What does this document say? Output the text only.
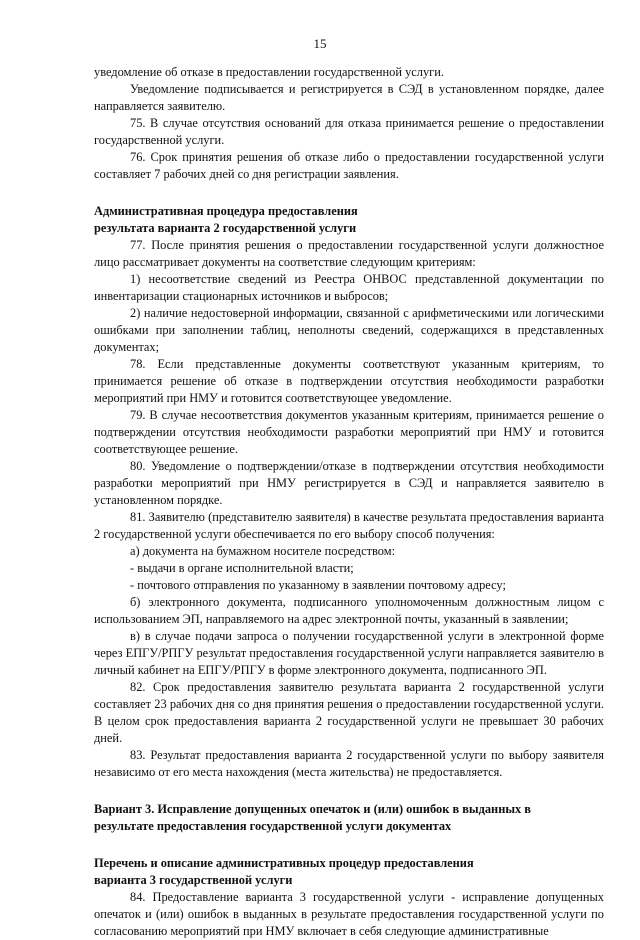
15

уведомление об отказе в предоставлении государственной услуги.

Уведомление подписывается и регистрируется в СЭД в установленном порядке, далее направляется заявителю.

75. В случае отсутствия оснований для отказа принимается решение о предоставлении государственной услуги.

76. Срок принятия решения об отказе либо о предоставлении государственной услуги составляет 7 рабочих дней со дня регистрации заявления.

Административная процедура предоставления

результата варианта 2 государственной услуги

77. После принятия решения о предоставлении государственной услуги должностное лицо рассматривает документы на соответствие следующим критериям:

1) несоответствие сведений из Реестра ОНВОС представленной документации по инвентаризации стационарных источников и выбросов;

2) наличие недостоверной информации, связанной с арифметическими или логическими ошибками при заполнении таблиц, неполноты сведений, содержащихся в представленных документах;

78. Если представленные документы соответствуют указанным критериям, то принимается решение об отказе в подтверждении отсутствия необходимости разработки мероприятий при НМУ и готовится соответствующее уведомление.

79. В случае несоответствия документов указанным критериям, принимается решение о подтверждении отсутствия необходимости разработки мероприятий при НМУ и готовится соответствующее решение.

80. Уведомление о подтверждении/отказе в подтверждении отсутствия необходимости разработки мероприятий при НМУ регистрируется в СЭД и направляется заявителю в установленном порядке.

81. Заявителю (представителю заявителя) в качестве результата предоставления варианта 2 государственной услуги обеспечивается по его выбору способ получения:

а) документа на бумажном носителе посредством:

- выдачи в органе исполнительной власти;

- почтового отправления по указанному в заявлении почтовому адресу;

б) электронного документа, подписанного уполномоченным должностным лицом с использованием ЭП, направляемого на адрес электронной почты, указанный в заявлении;

в) в случае подачи запроса о получении государственной услуги в электронной форме через ЕПГУ/РПГУ результат предоставления государственной услуги направляется заявителю в личный кабинет на ЕПГУ/РПГУ в форме электронного документа, подписанного ЭП.

82. Срок предоставления заявителю результата варианта 2 государственной услуги составляет 23 рабочих дня со дня принятия решения о предоставлении государственной услуги. В целом срок предоставления варианта 2 государственной услуги не превышает 30 рабочих дней.

83. Результат предоставления варианта 2 государственной услуги по выбору заявителя независимо от его места нахождения (места жительства) не предоставляется.

Вариант 3. Исправление допущенных опечаток и (или) ошибок в выданных в

результате предоставления государственной услуги документах

Перечень и описание административных процедур предоставления

варианта 3 государственной услуги

84. Предоставление варианта 3 государственной услуги - исправление допущенных опечаток и (или) ошибок в выданных в результате предоставления государственной услуги по согласованию мероприятий при НМУ включает в себя следующие административные
